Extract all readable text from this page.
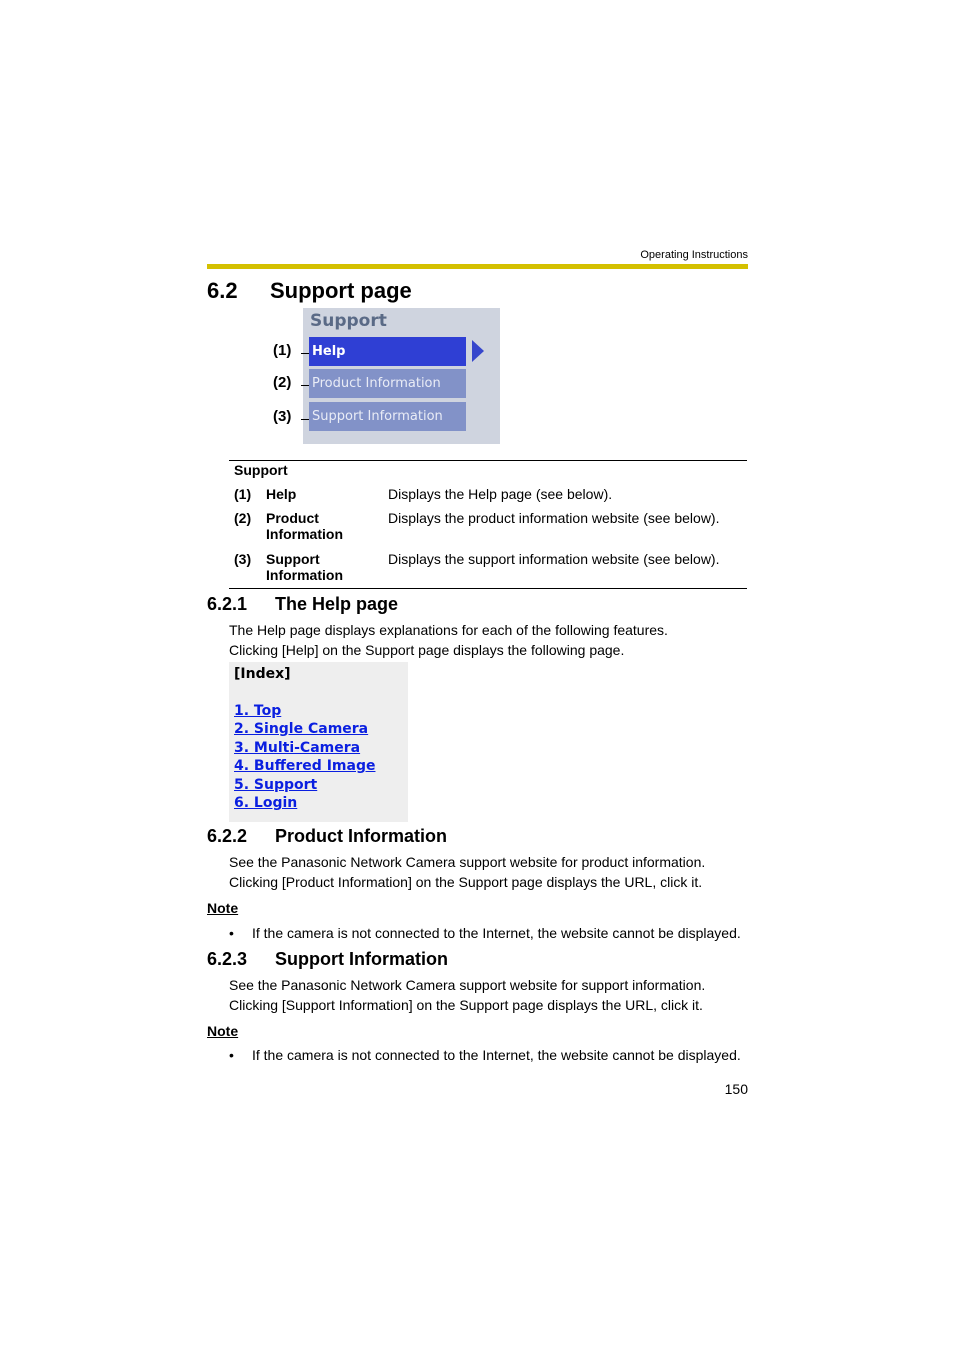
Operating Instructions
6.2 Support page
Support
Help
Product Information
Support Information
(1)
(2)
(3)
Support
(1) Help	Displays the Help page (see below).
(2) Product
Information
Displays the product information website (see below).
(3) Support
Information
Displays the support information website (see below).
6.2.1 The Help page
The Help page displays explanations for each of the following features.
Clicking [Help] on the Support page displays the following page.
[Index]
1. Top
2. Single Camera
3. Multi-Camera
4. Buffered Image
5. Support
6. Login
6.2.2 Product Information
See the Panasonic Network Camera support website for product information.
Clicking [Product Information] on the Support page displays the URL, click it.
Note
• If the camera is not connected to the Internet, the website cannot be displayed.
6.2.3 Support Information
See the Panasonic Network Camera support website for support information.
Clicking [Support Information] on the Support page displays the URL, click it.
Note
• If the camera is not connected to the Internet, the website cannot be displayed.
150
